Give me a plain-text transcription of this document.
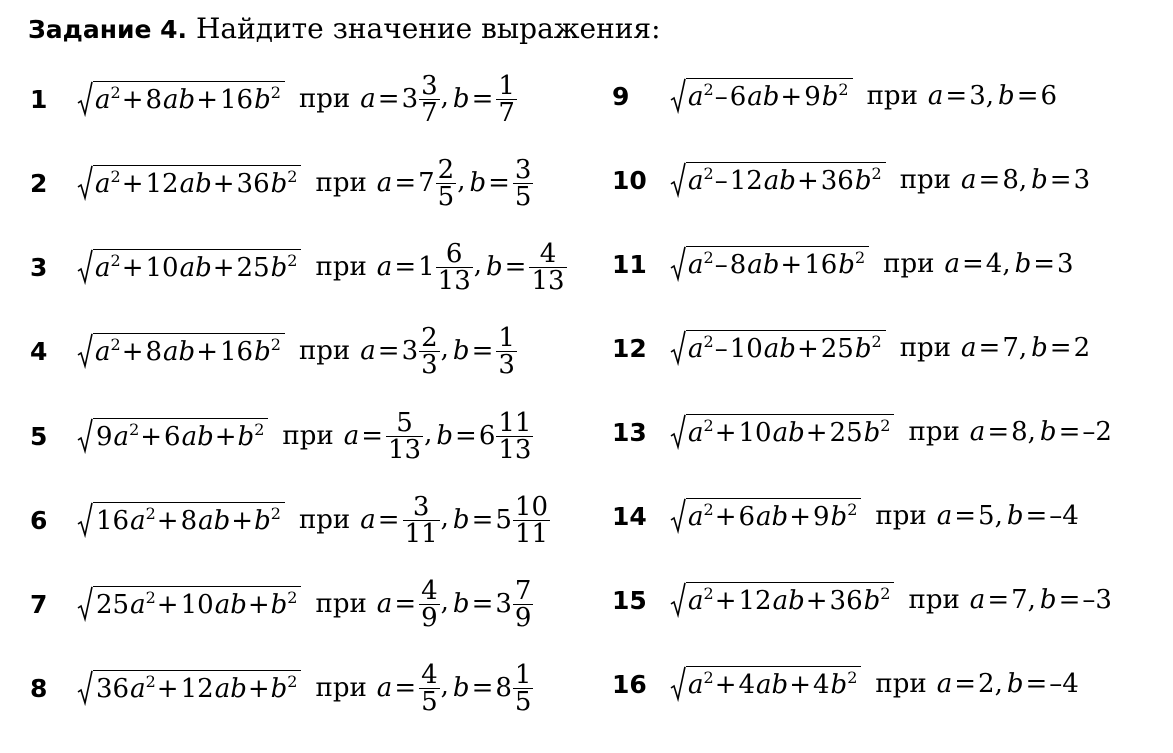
Задание 4. Найдите значение выражения:
1	$a^2+8ab+16b^2$ при $a = 3 \frac{3}{7}$ , $b = \frac{1}{7}$
2	$a^2+12ab+36b^2$ при $a = 7 \frac{2}{5}$ , $b = \frac{3}{5}$
3	$a^2+10ab+25b^2$ при $a = 1 \frac{6}{13}$ , $b = \frac{4}{13}$
4	$a^2+8ab+16b^2$ при $a = 3 \frac{2}{3}$ , $b = \frac{1}{3}$
5	$9a^2+6ab+b^2$ при $a = \frac{5}{13}$ , $b = 6 \frac{11}{13}$
6	$16a^2+8ab+b^2$ при $a = \frac{3}{11}$ , $b = 5 \frac{10}{11}$
7	$25a^2+10ab+b^2$ при $a = \frac{4}{9}$ , $b = 3 \frac{7}{9}$
8	$36a^2+12ab+b^2$ при $a = \frac{4}{5}$ , $b = 8 \frac{1}{5}$
9	$a^2-6ab+9b^2$ при a = 3 , b = 6
10	$a^2-12ab+36b^2$ при a = 8 , b = 3
11	$a^2-8ab+16b^2$ при a = 4 , b = 3
12	$a^2-10ab+25b^2$ при a = 7 , b = 2
13	$a^2+10ab+25b^2$ при a = 8 , b = –2
14	$a^2+6ab+9b^2$ при a = 5 , b = –4
15	$a^2+12ab+36b^2$ при a = 7 , b = –3
16	$a^2+4ab+4b^2$ при a = 2 , b = –4
